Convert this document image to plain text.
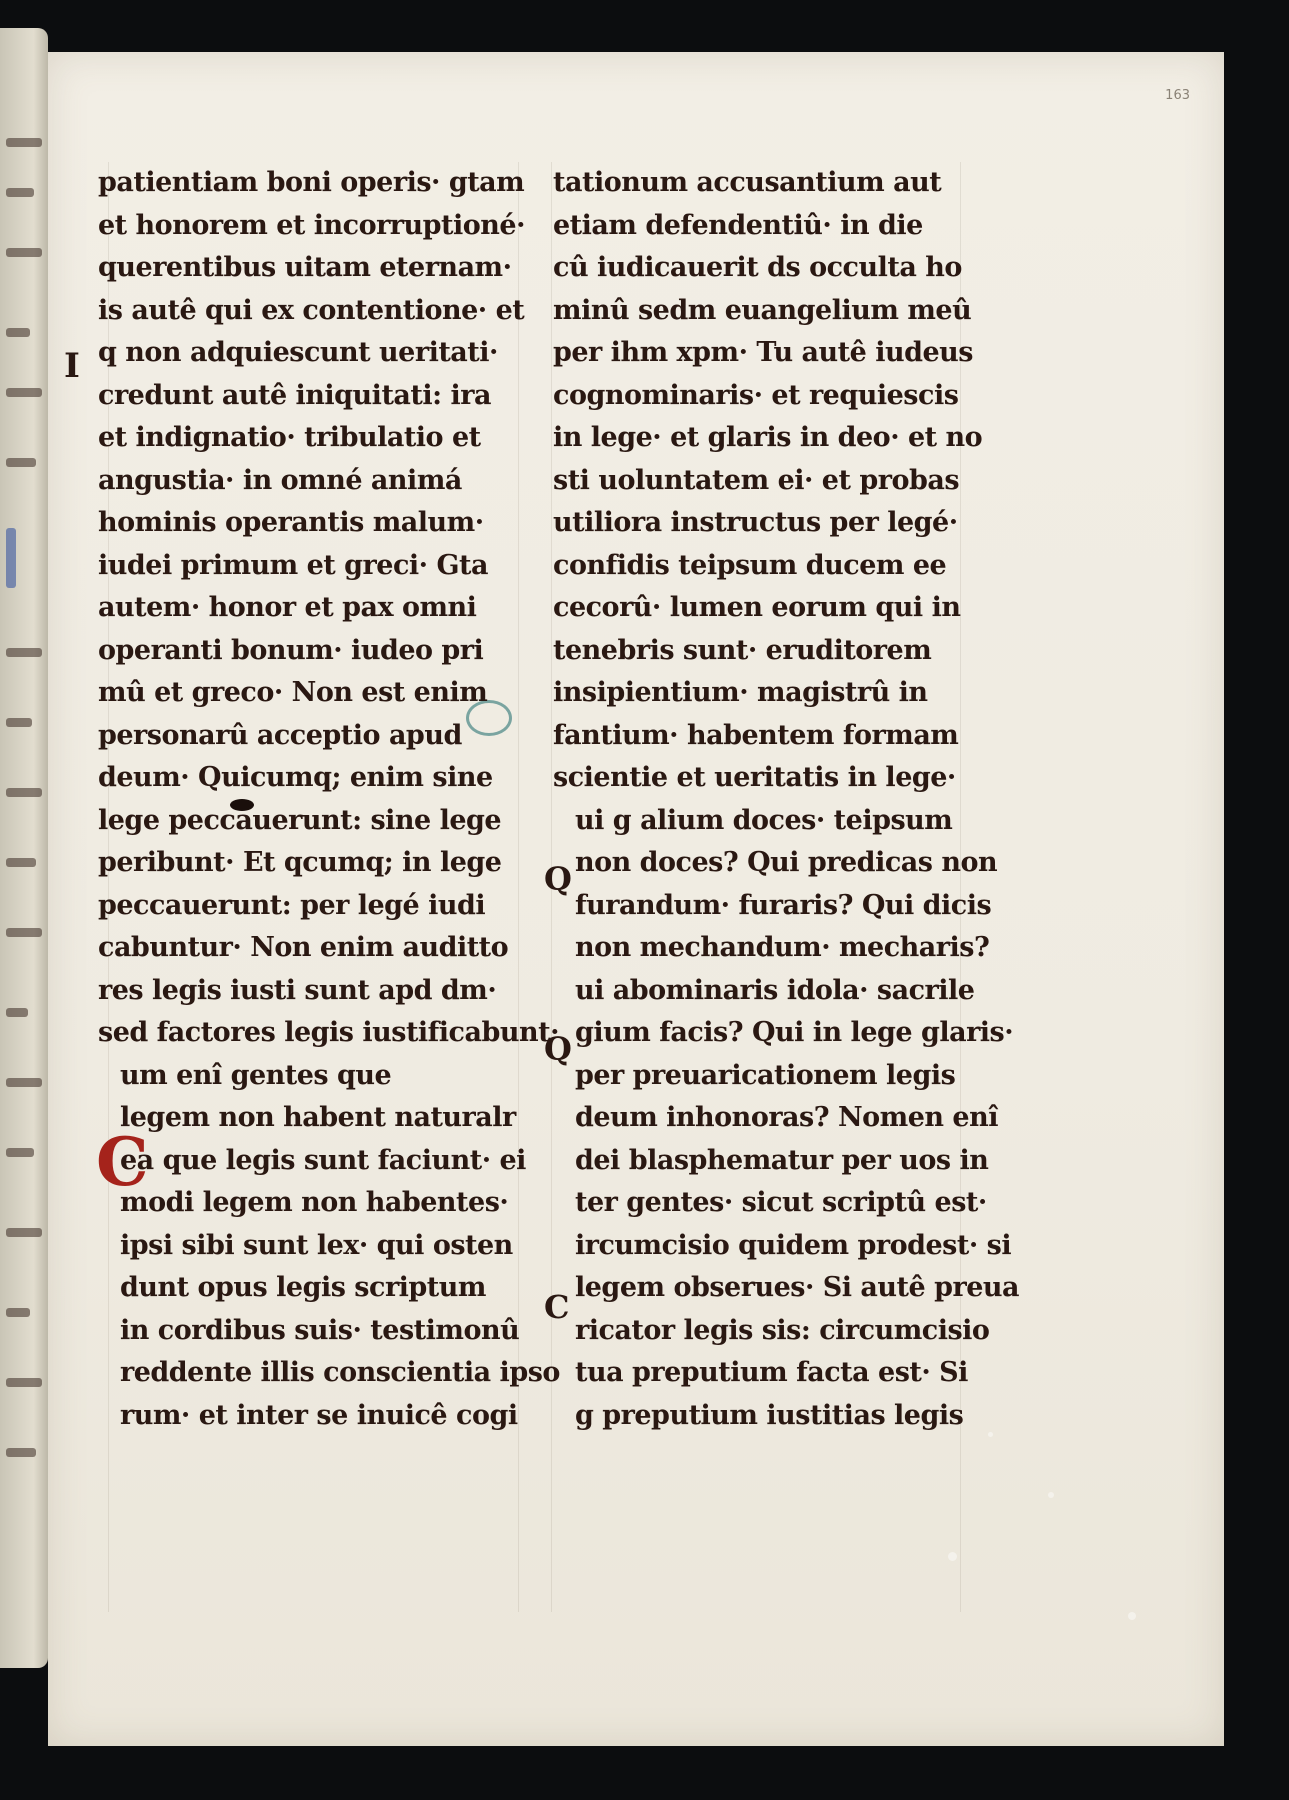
163
I
C
Q
Q
C
patientiam boni operis· gtam
et honorem et incorruptioné·
querentibus uitam eternam·
is autê qui ex contentione· et
q non adquiescunt ueritati·
credunt autê iniquitati: ira
et indignatio· tribulatio et
angustia· in omné animá
hominis operantis malum·
iudei primum et greci· Gta
autem· honor et pax omni
operanti bonum· iudeo pri
mû et greco· Non est enim
personarû acceptio apud
deum· Quicumq; enim sine
lege peccauerunt: sine lege
peribunt· Et qcumq; in lege
peccauerunt: per legé iudi
cabuntur· Non enim auditto
res legis iusti sunt apd dm·
sed factores legis iustificabunt·
um enî gentes que
legem non habent naturalr
ea que legis sunt faciunt· ei
modi legem non habentes·
ipsi sibi sunt lex· qui osten
dunt opus legis scriptum
in cordibus suis· testimonû
reddente illis conscientia ipso
rum· et inter se inuicê cogi
tationum accusantium aut
etiam defendentiû· in die
cû iudicauerit ds occulta ho
minû sedm euangelium meû
per ihm xpm· Tu autê iudeus
cognominaris· et requiescis
in lege· et glaris in deo· et no
sti uoluntatem ei· et probas
utiliora instructus per legé·
confidis teipsum ducem ee
cecorû· lumen eorum qui in
tenebris sunt· eruditorem
insipientium· magistrû in
fantium· habentem formam
scientie et ueritatis in lege·
ui g alium doces· teipsum
non doces? Qui predicas non
furandum· furaris? Qui dicis
non mechandum· mecharis?
ui abominaris idola· sacrile
gium facis? Qui in lege glaris·
per preuaricationem legis
deum inhonoras? Nomen enî
dei blasphematur per uos in
ter gentes· sicut scriptû est·
ircumcisio quidem prodest· si
legem obserues· Si autê preua
ricator legis sis: circumcisio
tua preputium facta est· Si
g preputium iustitias legis
